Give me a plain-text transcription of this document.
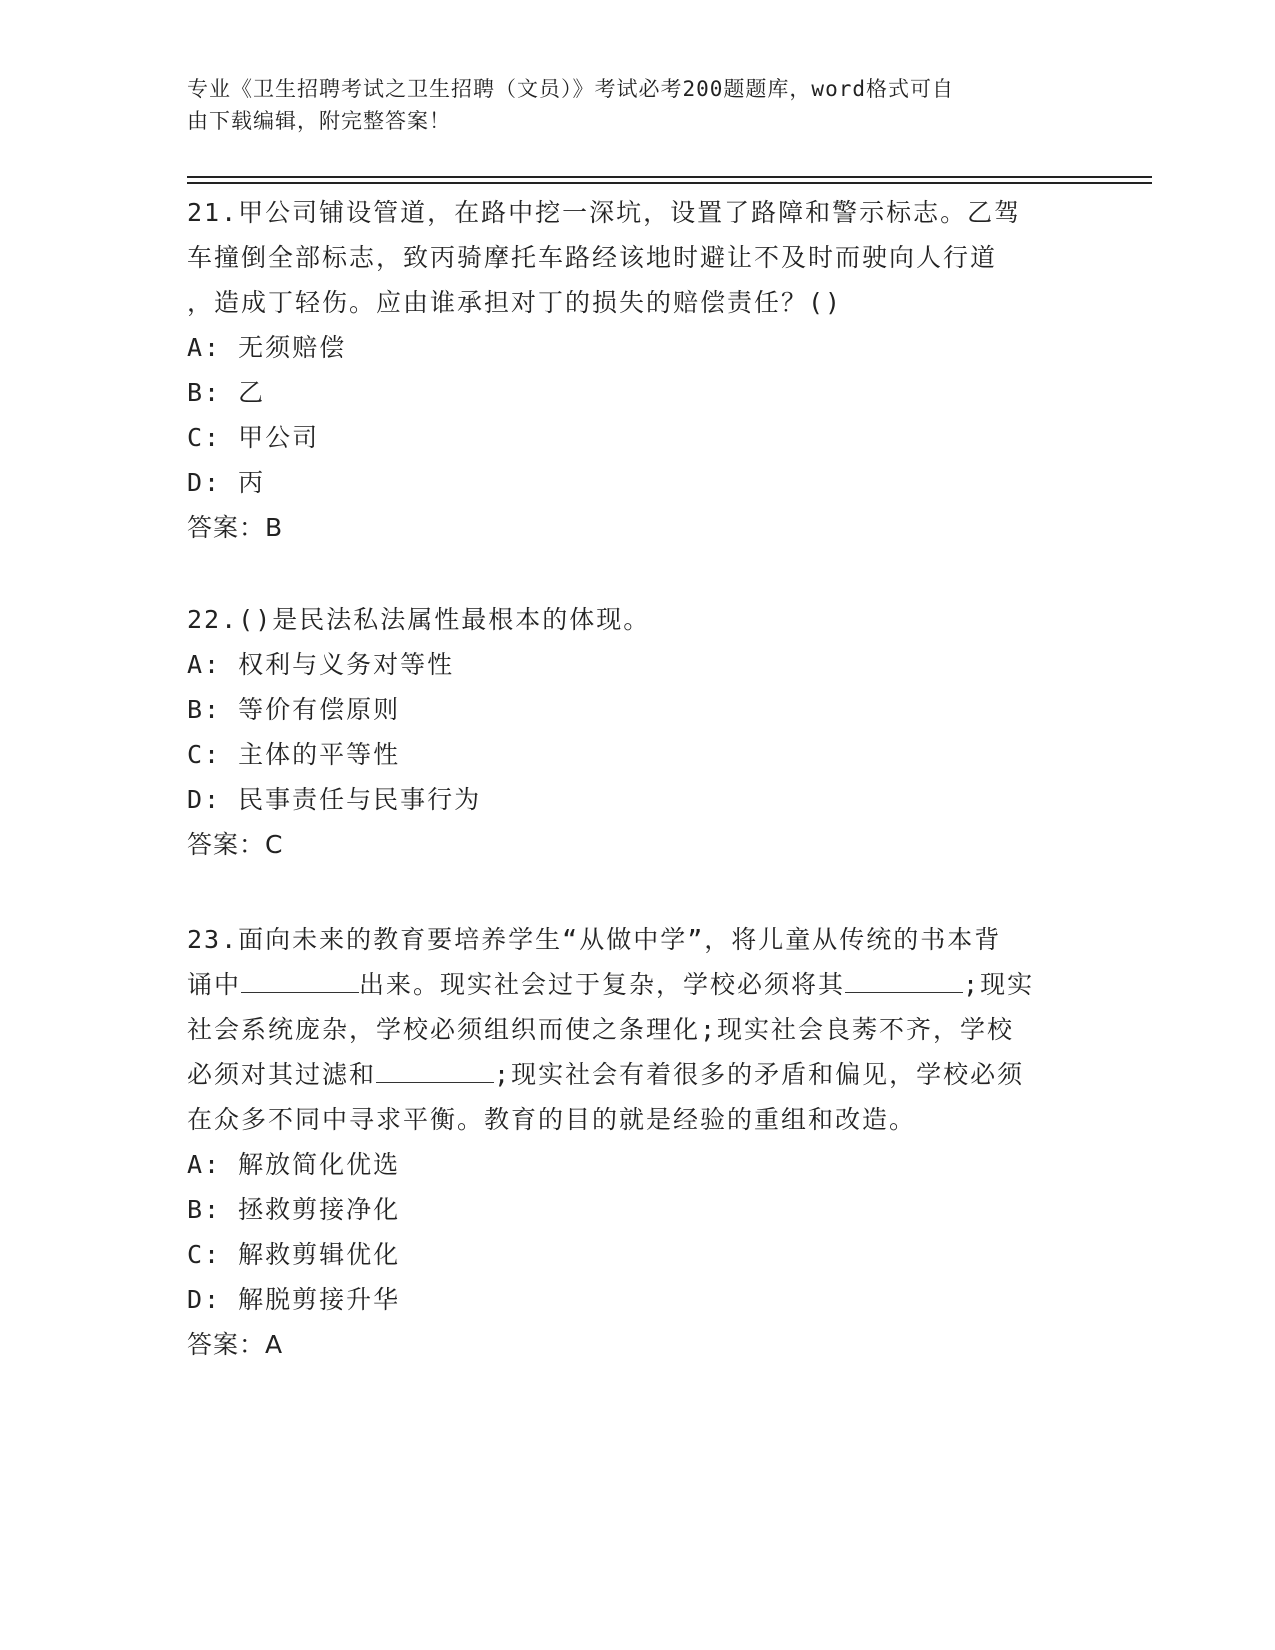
专业《卫生招聘考试之卫生招聘（文员）》考试必考200题题库，word格式可自
由下载编辑，附完整答案！
21.甲公司铺设管道，在路中挖一深坑，设置了路障和警示标志。乙驾
车撞倒全部标志，致丙骑摩托车路经该地时避让不及时而驶向人行道
，造成丁轻伤。应由谁承担对丁的损失的赔偿责任？()
A: 无须赔偿
B: 乙
C: 甲公司
D: 丙
答案：B
22.()是民法私法属性最根本的体现。
A: 权利与义务对等性
B: 等价有偿原则
C: 主体的平等性
D: 民事责任与民事行为
答案：C
23.面向未来的教育要培养学生“从做中学”，将儿童从传统的书本背
诵中	出来。现实社会过于复杂，学校必须将其	;现实
社会系统庞杂，学校必须组织而使之条理化;现实社会良莠不齐，学校
必须对其过滤和	;现实社会有着很多的矛盾和偏见，学校必须
在众多不同中寻求平衡。教育的目的就是经验的重组和改造。
A: 解放简化优选
B: 拯救剪接净化
C: 解救剪辑优化
D: 解脱剪接升华
答案：A
